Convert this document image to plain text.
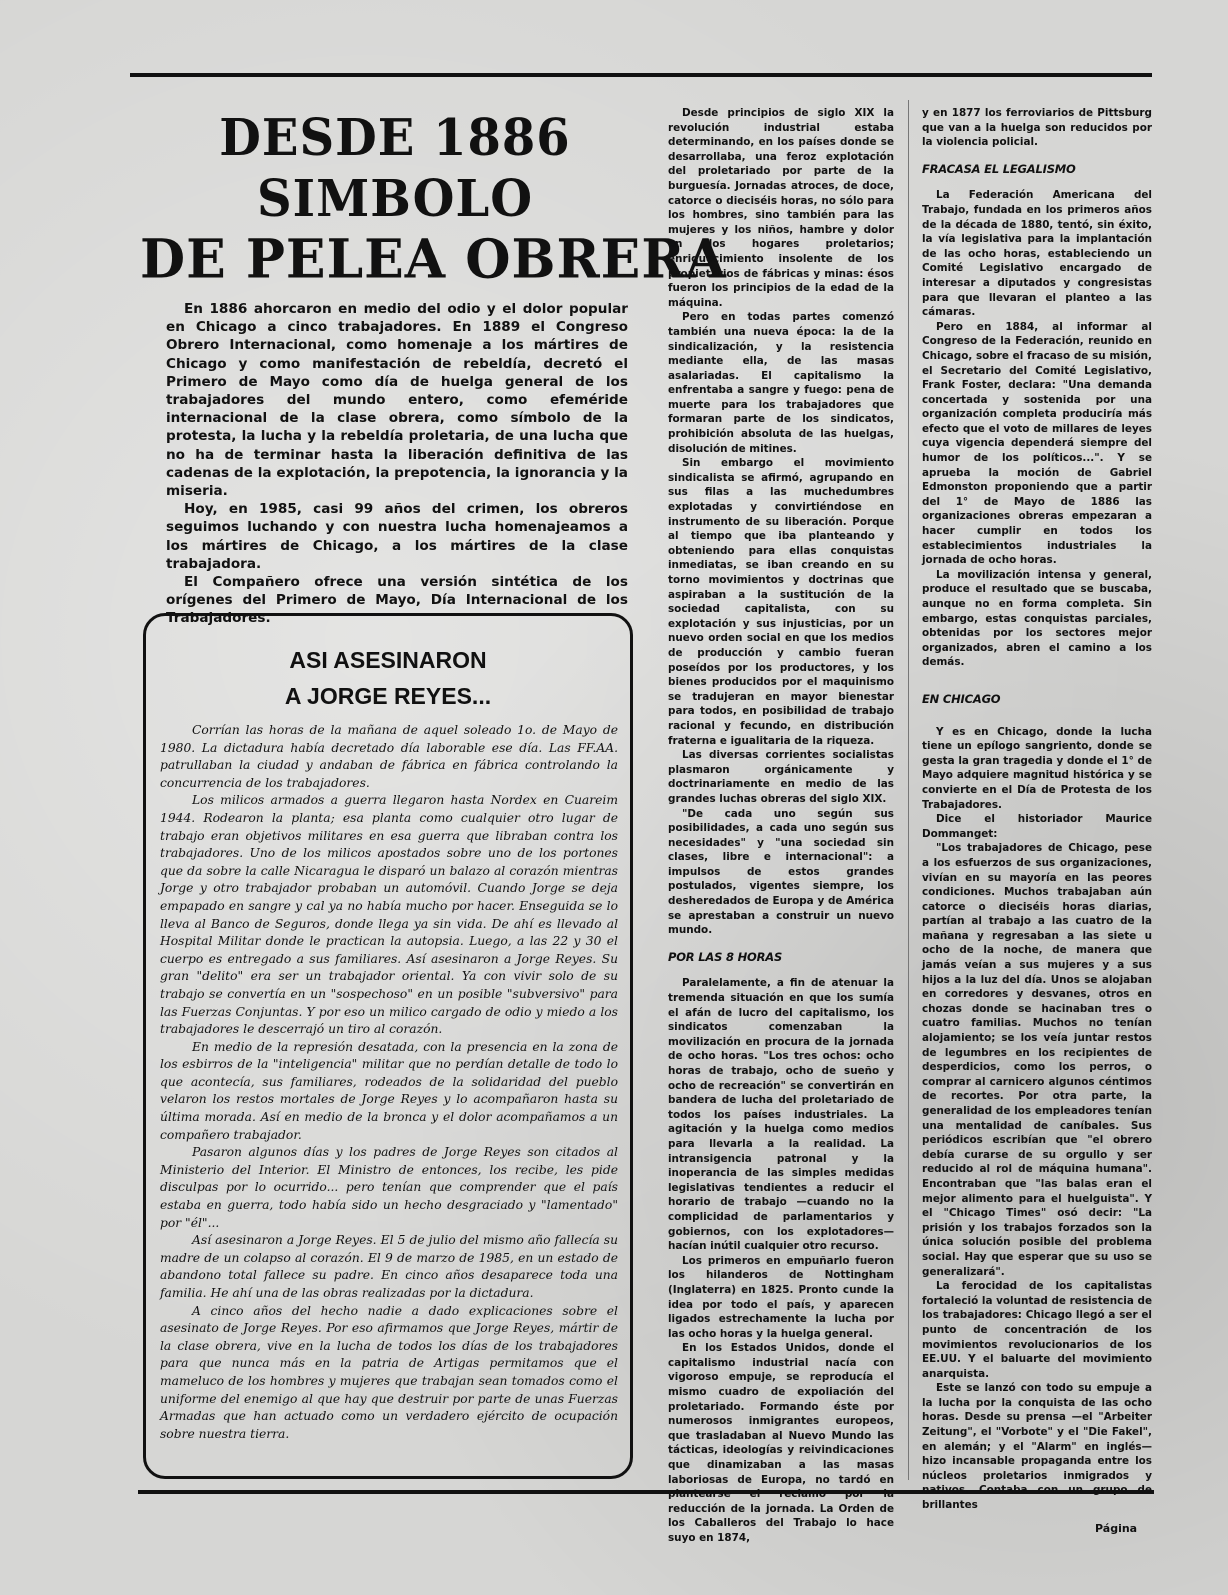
DESDE 1886
SIMBOLO
DE PELEA OBRERA

En 1886 ahorcaron en medio del odio y el dolor popular en Chicago a cinco trabajadores. En 1889 el Congreso Obrero Internacional, como homenaje a los mártires de Chicago y como manifestación de rebeldía, decretó el Primero de Mayo como día de huelga general de los trabajadores del mundo entero, como efeméride internacional de la clase obrera, como símbolo de la protesta, la lucha y la rebeldía proletaria, de una lucha que no ha de terminar hasta la liberación definitiva de las cadenas de la explotación, la prepotencia, la ignorancia y la miseria.

Hoy, en 1985, casi 99 años del crimen, los obreros seguimos luchando y con nuestra lucha homenajeamos a los mártires de Chicago, a los mártires de la clase trabajadora.

El Compañero ofrece una versión sintética de los orígenes del Primero de Mayo, Día Internacional de los Trabajadores.

ASI ASESINARON
A JORGE REYES...

Corrían las horas de la mañana de aquel soleado 1o. de Mayo de 1980. La dictadura había decretado día laborable ese día. Las FF.AA. patrullaban la ciudad y andaban de fábrica en fábrica controlando la concurrencia de los trabajadores.

Los milicos armados a guerra llegaron hasta Nordex en Cuareim 1944. Rodearon la planta; esa planta como cualquier otro lugar de trabajo eran objetivos militares en esa guerra que libraban contra los trabajadores. Uno de los milicos apostados sobre uno de los portones que da sobre la calle Nicaragua le disparó un balazo al corazón mientras Jorge y otro trabajador probaban un automóvil. Cuando Jorge se deja empapado en sangre y cal ya no había mucho por hacer. Enseguida se lo lleva al Banco de Seguros, donde llega ya sin vida. De ahí es llevado al Hospital Militar donde le practican la autopsia. Luego, a las 22 y 30 el cuerpo es entregado a sus familiares. Así asesinaron a Jorge Reyes. Su gran "delito" era ser un trabajador oriental. Ya con vivir solo de su trabajo se convertía en un "sospechoso" en un posible "subversivo" para las Fuerzas Conjuntas. Y por eso un milico cargado de odio y miedo a los trabajadores le descerrajó un tiro al corazón.

En medio de la represión desatada, con la presencia en la zona de los esbirros de la "inteligencia" militar que no perdían detalle de todo lo que acontecía, sus familiares, rodeados de la solidaridad del pueblo velaron los restos mortales de Jorge Reyes y lo acompañaron hasta su última morada. Así en medio de la bronca y el dolor acompañamos a un compañero trabajador.

Pasaron algunos días y los padres de Jorge Reyes son citados al Ministerio del Interior. El Ministro de entonces, los recibe, les pide disculpas por lo ocurrido... pero tenían que comprender que el país estaba en guerra, todo había sido un hecho desgraciado y "lamentado" por "él"...

Así asesinaron a Jorge Reyes. El 5 de julio del mismo año fallecía su madre de un colapso al corazón. El 9 de marzo de 1985, en un estado de abandono total fallece su padre. En cinco años desaparece toda una familia. He ahí una de las obras realizadas por la dictadura.

A cinco años del hecho nadie a dado explicaciones sobre el asesinato de Jorge Reyes. Por eso afirmamos que Jorge Reyes, mártir de la clase obrera, vive en la lucha de todos los días de los trabajadores para que nunca más en la patria de Artigas permitamos que el mameluco de los hombres y mujeres que trabajan sean tomados como el uniforme del enemigo al que hay que destruir por parte de unas Fuerzas Armadas que han actuado como un verdadero ejército de ocupación sobre nuestra tierra.

Desde principios de siglo XIX la revolución industrial estaba determinando, en los países donde se desarrollaba, una feroz explotación del proletariado por parte de la burguesía. Jornadas atroces, de doce, catorce o dieciséis horas, no sólo para los hombres, sino también para las mujeres y los niños, hambre y dolor en los hogares proletarios; enriquecimiento insolente de los propietarios de fábricas y minas: ésos fueron los principios de la edad de la máquina.

Pero en todas partes comenzó también una nueva época: la de la sindicalización, y la resistencia mediante ella, de las masas asalariadas. El capitalismo la enfrentaba a sangre y fuego: pena de muerte para los trabajadores que formaran parte de los sindicatos, prohibición absoluta de las huelgas, disolución de mitines.

Sin embargo el movimiento sindicalista se afirmó, agrupando en sus filas a las muchedumbres explotadas y convirtiéndose en instrumento de su liberación. Porque al tiempo que iba planteando y obteniendo para ellas conquistas inmediatas, se iban creando en su torno movimientos y doctrinas que aspiraban a la sustitución de la sociedad capitalista, con su explotación y sus injusticias, por un nuevo orden social en que los medios de producción y cambio fueran poseídos por los productores, y los bienes producidos por el maquinismo se tradujeran en mayor bienestar para todos, en posibilidad de trabajo racional y fecundo, en distribución fraterna e igualitaria de la riqueza.

Las diversas corrientes socialistas plasmaron orgánicamente y doctrinariamente en medio de las grandes luchas obreras del siglo XIX.

"De cada uno según sus posibilidades, a cada uno según sus necesidades" y "una sociedad sin clases, libre e internacional": a impulsos de estos grandes postulados, vigentes siempre, los desheredados de Europa y de América se aprestaban a construir un nuevo mundo.

POR LAS 8 HORAS

Paralelamente, a fin de atenuar la tremenda situación en que los sumía el afán de lucro del capitalismo, los sindicatos comenzaban la movilización en procura de la jornada de ocho horas. "Los tres ochos: ocho horas de trabajo, ocho de sueño y ocho de recreación" se convertirán en bandera de lucha del proletariado de todos los países industriales. La agitación y la huelga como medios para llevarla a la realidad. La intransigencia patronal y la inoperancia de las simples medidas legislativas tendientes a reducir el horario de trabajo —cuando no la complicidad de parlamentarios y gobiernos, con los explotadores— hacían inútil cualquier otro recurso.

Los primeros en empuñarlo fueron los hilanderos de Nottingham (Inglaterra) en 1825. Pronto cunde la idea por todo el país, y aparecen ligados estrechamente la lucha por las ocho horas y la huelga general.

En los Estados Unidos, donde el capitalismo industrial nacía con vigoroso empuje, se reproducía el mismo cuadro de expoliación del proletariado. Formando éste por numerosos inmigrantes europeos, que trasladaban al Nuevo Mundo las tácticas, ideologías y reivindicaciones que dinamizaban a las masas laboriosas de Europa, no tardó en plantearse el reclamo por la reducción de la jornada. La Orden de los Caballeros del Trabajo lo hace suyo en 1874,

y en 1877 los ferroviarios de Pittsburg que van a la huelga son reducidos por la violencia policial.

FRACASA EL LEGALISMO

La Federación Americana del Trabajo, fundada en los primeros años de la década de 1880, tentó, sin éxito, la vía legislativa para la implantación de las ocho horas, estableciendo un Comité Legislativo encargado de interesar a diputados y congresistas para que llevaran el planteo a las cámaras.

Pero en 1884, al informar al Congreso de la Federación, reunido en Chicago, sobre el fracaso de su misión, el Secretario del Comité Legislativo, Frank Foster, declara: "Una demanda concertada y sostenida por una organización completa produciría más efecto que el voto de millares de leyes cuya vigencia dependerá siempre del humor de los políticos...". Y se aprueba la moción de Gabriel Edmonston proponiendo que a partir del 1° de Mayo de 1886 las organizaciones obreras empezaran a hacer cumplir en todos los establecimientos industriales la jornada de ocho horas.

La movilización intensa y general, produce el resultado que se buscaba, aunque no en forma completa. Sin embargo, estas conquistas parciales, obtenidas por los sectores mejor organizados, abren el camino a los demás.

EN CHICAGO

Y es en Chicago, donde la lucha tiene un epílogo sangriento, donde se gesta la gran tragedia y donde el 1° de Mayo adquiere magnitud histórica y se convierte en el Día de Protesta de los Trabajadores.

Dice el historiador Maurice Dommanget:

"Los trabajadores de Chicago, pese a los esfuerzos de sus organizaciones, vivían en su mayoría en las peores condiciones. Muchos trabajaban aún catorce o dieciséis horas diarias, partían al trabajo a las cuatro de la mañana y regresaban a las siete u ocho de la noche, de manera que jamás veían a sus mujeres y a sus hijos a la luz del día. Unos se alojaban en corredores y desvanes, otros en chozas donde se hacinaban tres o cuatro familias. Muchos no tenían alojamiento; se los veía juntar restos de legumbres en los recipientes de desperdicios, como los perros, o comprar al carnicero algunos céntimos de recortes. Por otra parte, la generalidad de los empleadores tenían una mentalidad de caníbales. Sus periódicos escribían que "el obrero debía curarse de su orgullo y ser reducido al rol de máquina humana". Encontraban que "las balas eran el mejor alimento para el huelguista". Y el "Chicago Times" osó decir: "La prisión y los trabajos forzados son la única solución posible del problema social. Hay que esperar que su uso se generalizará".

La ferocidad de los capitalistas fortaleció la voluntad de resistencia de los trabajadores: Chicago llegó a ser el punto de concentración de los movimientos revolucionarios de los EE.UU. Y el baluarte del movimiento anarquista.

Este se lanzó con todo su empuje a la lucha por la conquista de las ocho horas. Desde su prensa —el "Arbeiter Zeitung", el "Vorbote" y el "Die Fakel", en alemán; y el "Alarm" en inglés— hizo incansable propaganda entre los núcleos proletarios inmigrados y nativos. Contaba con un grupo de brillantes

Página
